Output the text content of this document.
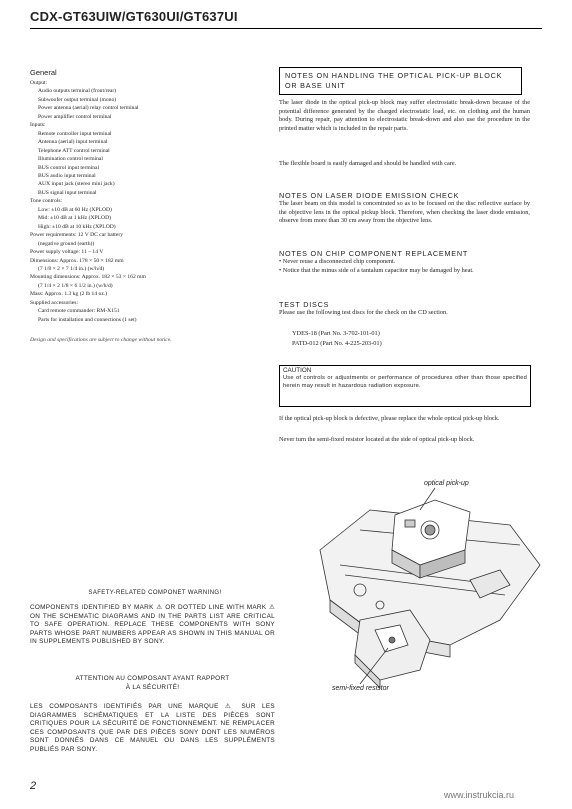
CDX-GT63UIW/GT630UI/GT637UI
General
Output:
Audio outputs terminal (front/rear)
Subwoofer output terminal (mono)
Power antenna (aerial) relay control terminal
Power amplifier control terminal
Inputs:
Remote controller input terminal
Antenna (aerial) input terminal
Telephone ATT control terminal
Illumination control terminal
BUS control input terminal
BUS audio input terminal
AUX input jack (stereo mini jack)
BUS signal input terminal
Tone controls:
Low: ±10 dB at 60 Hz (XPLOD)
Mid: ±10 dB at 1 kHz (XPLOD)
High: ±10 dB at 10 kHz (XPLOD)
Power requirements: 12 V DC car battery
(negative ground (earth))
Power supply voltage: 11 – 14 V
Dimensions: Approx. 178 × 50 × 182 mm
(7 1/8 × 2 × 7 1/4 in.) (w/h/d)
Mounting dimensions: Approx. 182 × 53 × 162 mm
(7 1/4 × 2 1/8 × 6 1/2 in.) (w/h/d)
Mass: Approx. 1.3 kg (2 lb 14 oz.)
Supplied accessories:
Card remote commander: RM-X151
Parts for installation and connections (1 set)
Design and specifications are subject to change without notice.
SAFETY-RELATED COMPONET WARNING!
COMPONENTS IDENTIFIED BY MARK ⚠ OR DOTTED LINE WITH MARK ⚠ ON THE SCHEMATIC DIAGRAMS AND IN THE PARTS LIST ARE CRITICAL TO SAFE OPERATION. REPLACE THESE COMPONENTS WITH SONY PARTS WHOSE PART NUMBERS APPEAR AS SHOWN IN THIS MANUAL OR IN SUPPLEMENTS PUBLISHED BY SONY.
ATTENTION AU COMPOSANT AYANT RAPPORT
À LA SÉCURITÉ!
LES COMPOSANTS IDENTIFIÉS PAR UNE MARQUE ⚠ SUR LES DIAGRAMMES SCHÉMATIQUES ET LA LISTE DES PIÈCES SONT CRITIQUES POUR LA SÉCURITÉ DE FONCTIONNEMENT. NE REMPLACER CES COMPOSANTS QUE PAR DES PIÈCES SONY DONT LES NUMÉROS SONT DONNÉS DANS CE MANUEL OU DANS LES SUPPLÉMENTS PUBLIÉS PAR SONY.
NOTES ON HANDLING THE OPTICAL PICK-UP BLOCK OR BASE UNIT
The laser diode in the optical pick-up block may suffer electrostatic break-down because of the potential difference generated by the charged electrostatic load, etc. on clothing and the human body. During repair, pay attention to electrostatic break-down and also use the procedure in the printed matter which is included in the repair parts.
The flexible board is easily damaged and should be handled with care.
NOTES ON LASER DIODE EMISSION CHECK
The laser beam on this model is concentrated so as to be focused on the disc reflective surface by the objective lens in the optical pickup block. Therefore, when checking the laser diode emission, observe from more than 30 cm away from the objective lens.
NOTES ON CHIP COMPONENT REPLACEMENT
• Never reuse a disconnected chip component.
• Notice that the minus side of a tantalum capacitor may be damaged by heat.
TEST DISCS
Please use the following test discs for the check on the CD section.
YDES-18 (Part No. 3-702-101-01)
PATD-012 (Part No. 4-225-203-01)
CAUTION
Use of controls or adjustments or performance of procedures other than those specified herein may result in hazardous radiation exposure.
If the optical pick-up block is defective, please replace the whole optical pick-up block.
Never turn the semi-fixed resistor located at the side of optical pick-up block.
optical pick-up
semi-fixed resistor
2
www.instrukcia.ru
